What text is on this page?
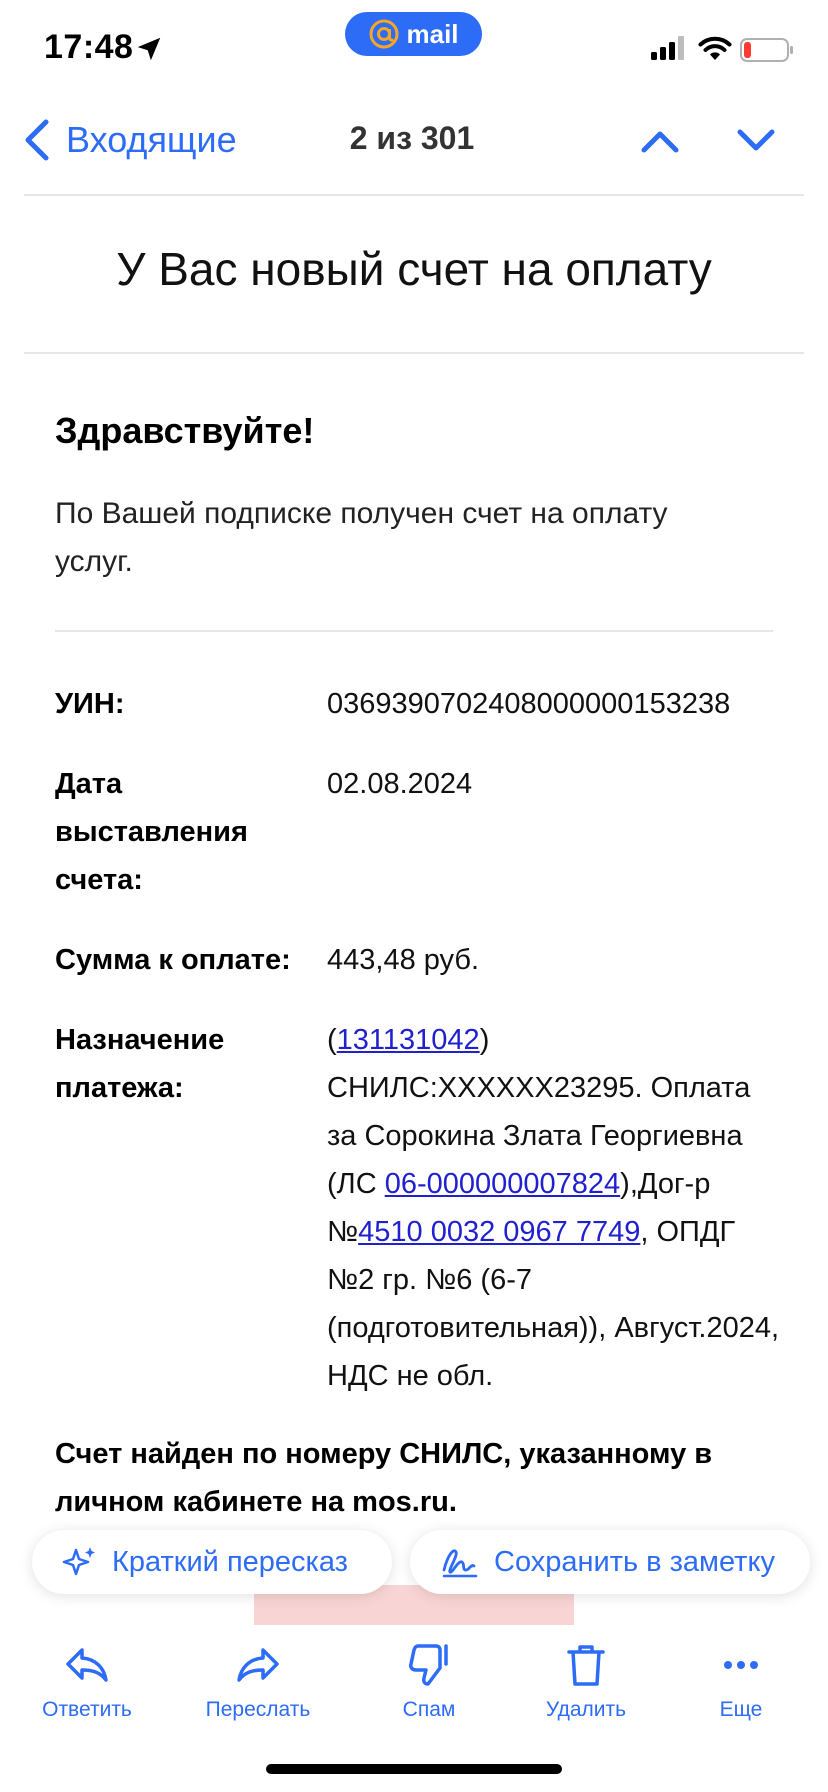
17:48	mail
Входящие	2 из 301
У Вас новый счет на оплату
Здравствуйте!
По Вашей подписке получен счет на оплату услуг.
УИН:	03693907024080000001532​38
Дата выставления счета:
02.08.2024
Сумма к оплате:	443,48 руб.
Назначение платежа:
(131131042) СНИЛС:XXXXXX23295. Оплата за Сорокина Злата Георгиевна (ЛС 06-000000007824),Дог-р №4510 0032 0967 7749, ОПДГ №2 гр. №6 (6-7 (подготовительная)), Август.2024, НДС не обл.
Счет найден по номеру СНИЛС, указанному в личном кабинете на mos.ru.
Краткий пересказ	Сохранить в заметку
Ответить	Переслать	Спам	Удалить	Еще
